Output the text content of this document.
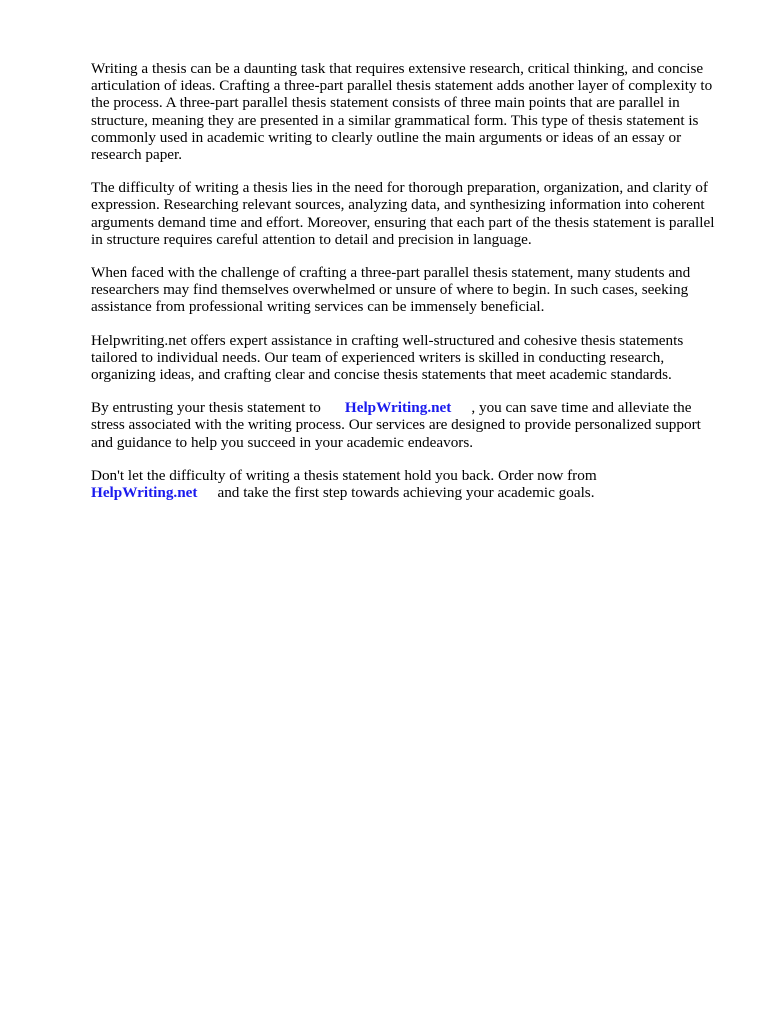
Writing a thesis can be a daunting task that requires extensive research, critical thinking, and concise articulation of ideas. Crafting a three-part parallel thesis statement adds another layer of complexity to the process. A three-part parallel thesis statement consists of three main points that are parallel in structure, meaning they are presented in a similar grammatical form. This type of thesis statement is commonly used in academic writing to clearly outline the main arguments or ideas of an essay or research paper.

The difficulty of writing a thesis lies in the need for thorough preparation, organization, and clarity of expression. Researching relevant sources, analyzing data, and synthesizing information into coherent arguments demand time and effort. Moreover, ensuring that each part of the thesis statement is parallel in structure requires careful attention to detail and precision in language.

When faced with the challenge of crafting a three-part parallel thesis statement, many students and researchers may find themselves overwhelmed or unsure of where to begin. In such cases, seeking assistance from professional writing services can be immensely beneficial.

Helpwriting.net offers expert assistance in crafting well-structured and cohesive thesis statements tailored to individual needs. Our team of experienced writers is skilled in conducting research, organizing ideas, and crafting clear and concise thesis statements that meet academic standards.

By entrusting your thesis statement to HelpWriting.net , you can save time and alleviate the stress associated with the writing process. Our services are designed to provide personalized support and guidance to help you succeed in your academic endeavors.

Don't let the difficulty of writing a thesis statement hold you back. Order now from
HelpWriting.net and take the first step towards achieving your academic goals.
